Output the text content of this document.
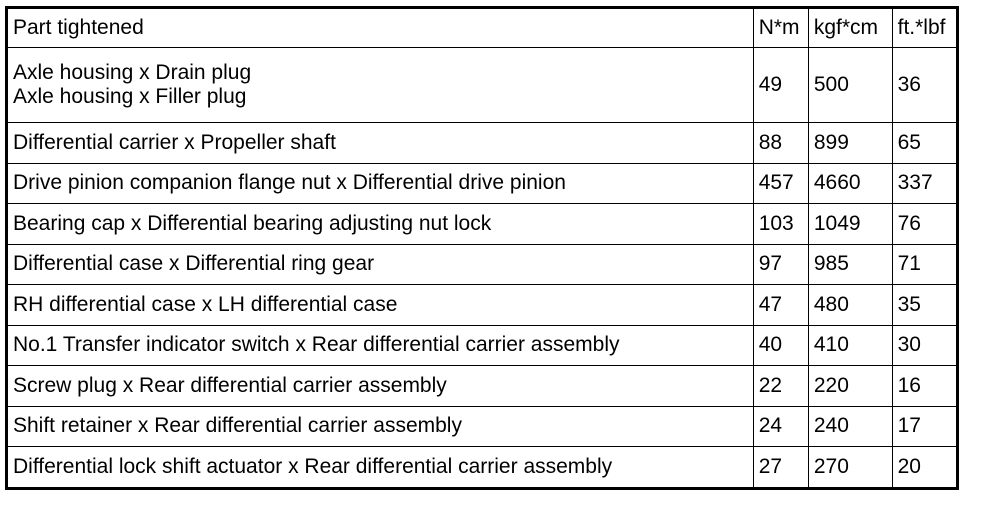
Part tightened	N*m	kgf*cm	ft.*lbf

Axle housing x Drain plug
Axle housing x Filler plug	49	500	36
Differential carrier x Propeller shaft	88	899	65
Drive pinion companion flange nut x Differential drive pinion	457	4660	337
Bearing cap x Differential bearing adjusting nut lock	103	1049	76
Differential case x Differential ring gear	97	985	71
RH differential case x LH differential case	47	480	35
No.1 Transfer indicator switch x Rear differential carrier assembly	40	410	30
Screw plug x Rear differential carrier assembly	22	220	16
Shift retainer x Rear differential carrier assembly	24	240	17
Differential lock shift actuator x Rear differential carrier assembly	27	270	20
